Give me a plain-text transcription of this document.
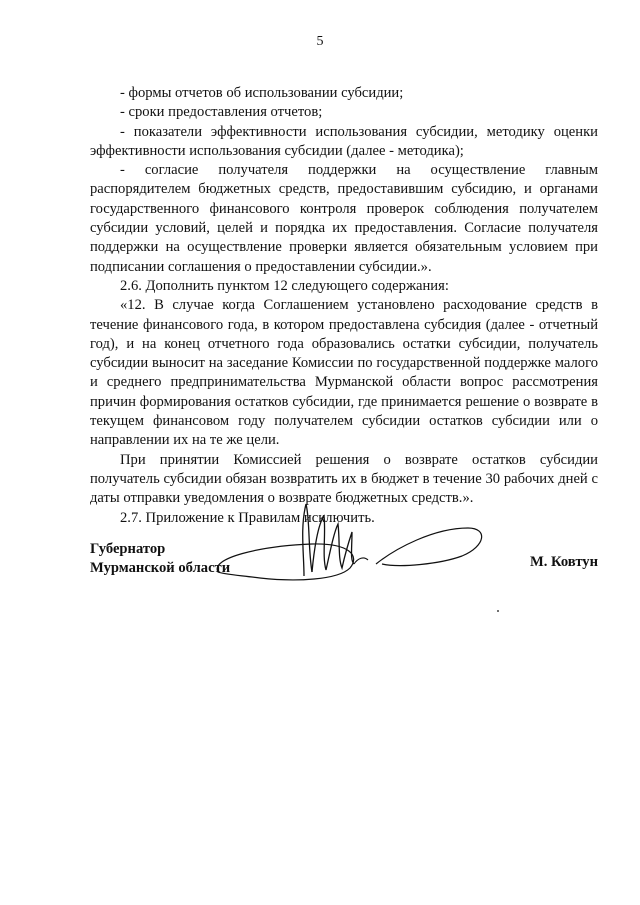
5

- формы отчетов об использовании субсидии;

- сроки предоставления отчетов;

- показатели эффективности использования субсидии, методику оценки эффективности использования субсидии (далее - методика);

- согласие получателя поддержки на осуществление главным распорядителем бюджетных средств, предоставившим субсидию, и органами государственного финансового контроля проверок соблюдения получателем субсидии условий, целей и порядка их предоставления. Согласие получателя поддержки на осуществление проверки является обязательным условием при подписании соглашения о предоставлении субсидии.».

2.6. Дополнить пунктом 12 следующего содержания:

«12. В случае когда Соглашением установлено расходование средств в течение финансового года, в котором предоставлена субсидия (далее - отчетный год), и на конец отчетного года образовались остатки субсидии, получатель субсидии выносит на заседание Комиссии по государственной поддержке малого и среднего предпринимательства Мурманской области вопрос рассмотрения причин формирования остатков субсидии, где принимается решение о возврате в текущем финансовом году получателем субсидии остатков субсидии или о направлении их на те же цели.

При принятии Комиссией решения о возврате остатков субсидии получатель субсидии обязан возвратить их в бюджет в течение 30 рабочих дней с даты отправки уведомления о возврате бюджетных средств.».

2.7. Приложение к Правилам исключить.

Губернатор
Мурманской области	М. Ковтун
